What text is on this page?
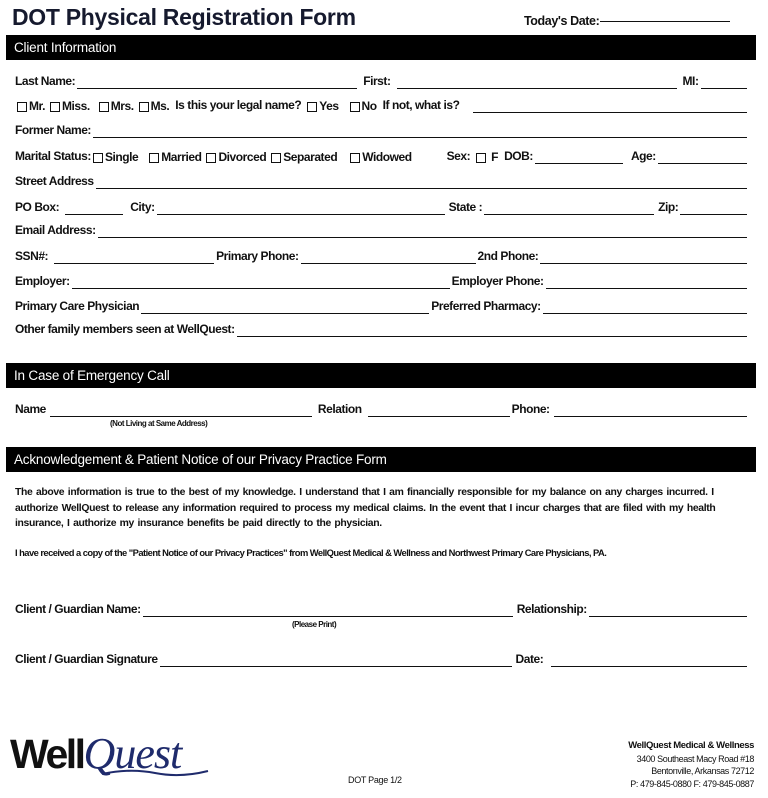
DOT Physical Registration Form	Today's Date:
Client Information
Last Name:	First:	MI:
Mr. Miss. Mrs. Ms. Is this your legal name? Yes No If not, what is?
Former Name:
Marital Status: Single Married Divorced Separated Widowed	Sex: F DOB:	Age:
Street Address
PO Box:	City:	State :	Zip:
Email Address:
SSN#:	Primary Phone:	2nd Phone:
Employer:	Employer Phone:
Primary Care Physician	Preferred Pharmacy:
Other family members seen at WellQuest:
In Case of Emergency Call
Name	Relation	Phone:
(Not Living at Same Address)
Acknowledgement & Patient Notice of our Privacy Practice Form
The above information is true to the best of my knowledge. I understand that I am financially responsible for my balance on any charges incurred. I authorize WellQuest to release any information required to process my medical claims. In the event that I incur charges that are filed with my health insurance, I authorize my insurance benefits be paid directly to the physician.
I have received a copy of the "Patient Notice of our Privacy Practices" from WellQuest Medical & Wellness and Northwest Primary Care Physicians, PA.
Client / Guardian Name:	Relationship:
(Please Print)
Client / Guardian Signature	Date:
Well Quest
DOT Page 1/2
WellQuest Medical & Wellness
3400 Southeast Macy Road #18
Bentonville, Arkansas 72712
P: 479-845-0880 F: 479-845-0887
